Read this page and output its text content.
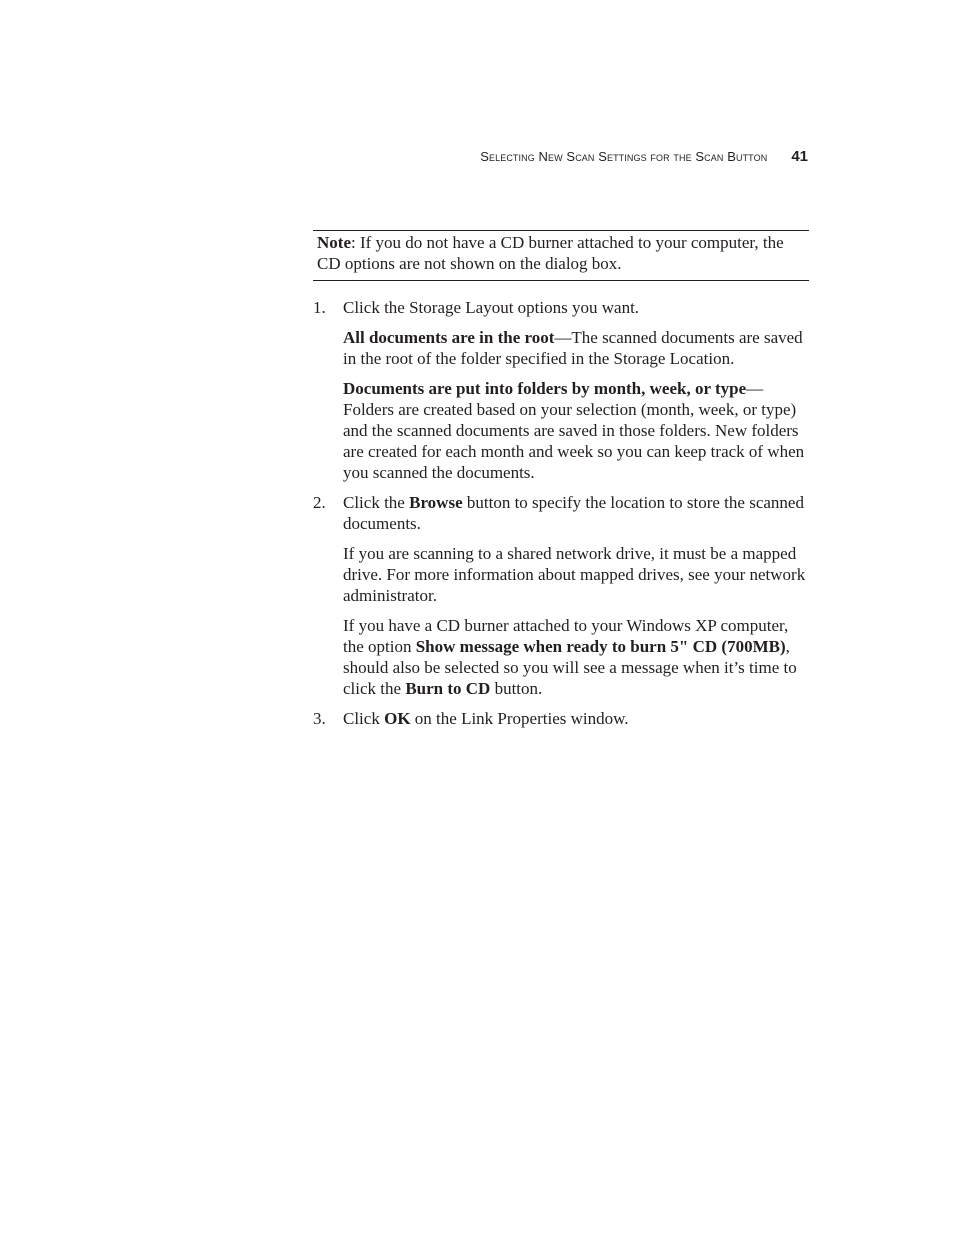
Selecting New Scan Settings for the Scan Button 41
Note: If you do not have a CD burner attached to your computer, the CD options are not shown on the dialog box.
1. Click the Storage Layout options you want.
All documents are in the root—The scanned documents are saved in the root of the folder specified in the Storage Location.
Documents are put into folders by month, week, or type— Folders are created based on your selection (month, week, or type) and the scanned documents are saved in those folders. New folders are created for each month and week so you can keep track of when you scanned the documents.
2. Click the Browse button to specify the location to store the scanned documents.
If you are scanning to a shared network drive, it must be a mapped drive. For more information about mapped drives, see your network administrator.
If you have a CD burner attached to your Windows XP computer, the option Show message when ready to burn 5" CD (700MB), should also be selected so you will see a message when it’s time to click the Burn to CD button.
3. Click OK on the Link Properties window.
